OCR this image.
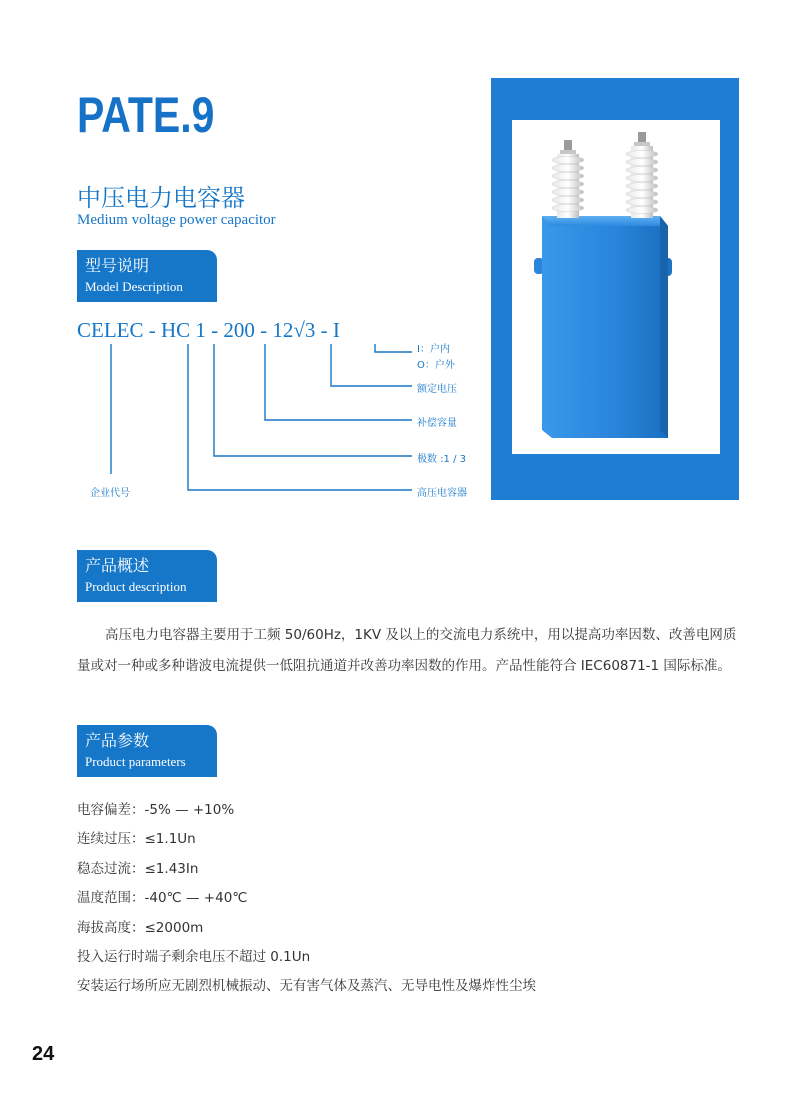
PATE.9
中压电力电容器
Medium voltage power capacitor
型号说明
Model Description
CELEC - HC 1 - 200 - 12√3 - I
I：户内
O：户外
额定电压
补偿容量
极数 :1 / 3
高压电容器
企业代号
产品概述
Product description
高压电力电容器主要用于工频 50/60Hz，1KV 及以上的交流电力系统中，用以提高功率因数、改善电网质量或对一种或多种谐波电流提供一低阻抗通道并改善功率因数的作用。产品性能符合 IEC60871-1 国际标准。
产品参数
Product parameters
电容偏差：-5% — +10%
连续过压：≤1.1Un
稳态过流：≤1.43In
温度范围：-40℃ — +40℃
海拔高度：≤2000m
投入运行时端子剩余电压不超过 0.1Un
安装运行场所应无剧烈机械振动、无有害气体及蒸汽、无导电性及爆炸性尘埃
24
